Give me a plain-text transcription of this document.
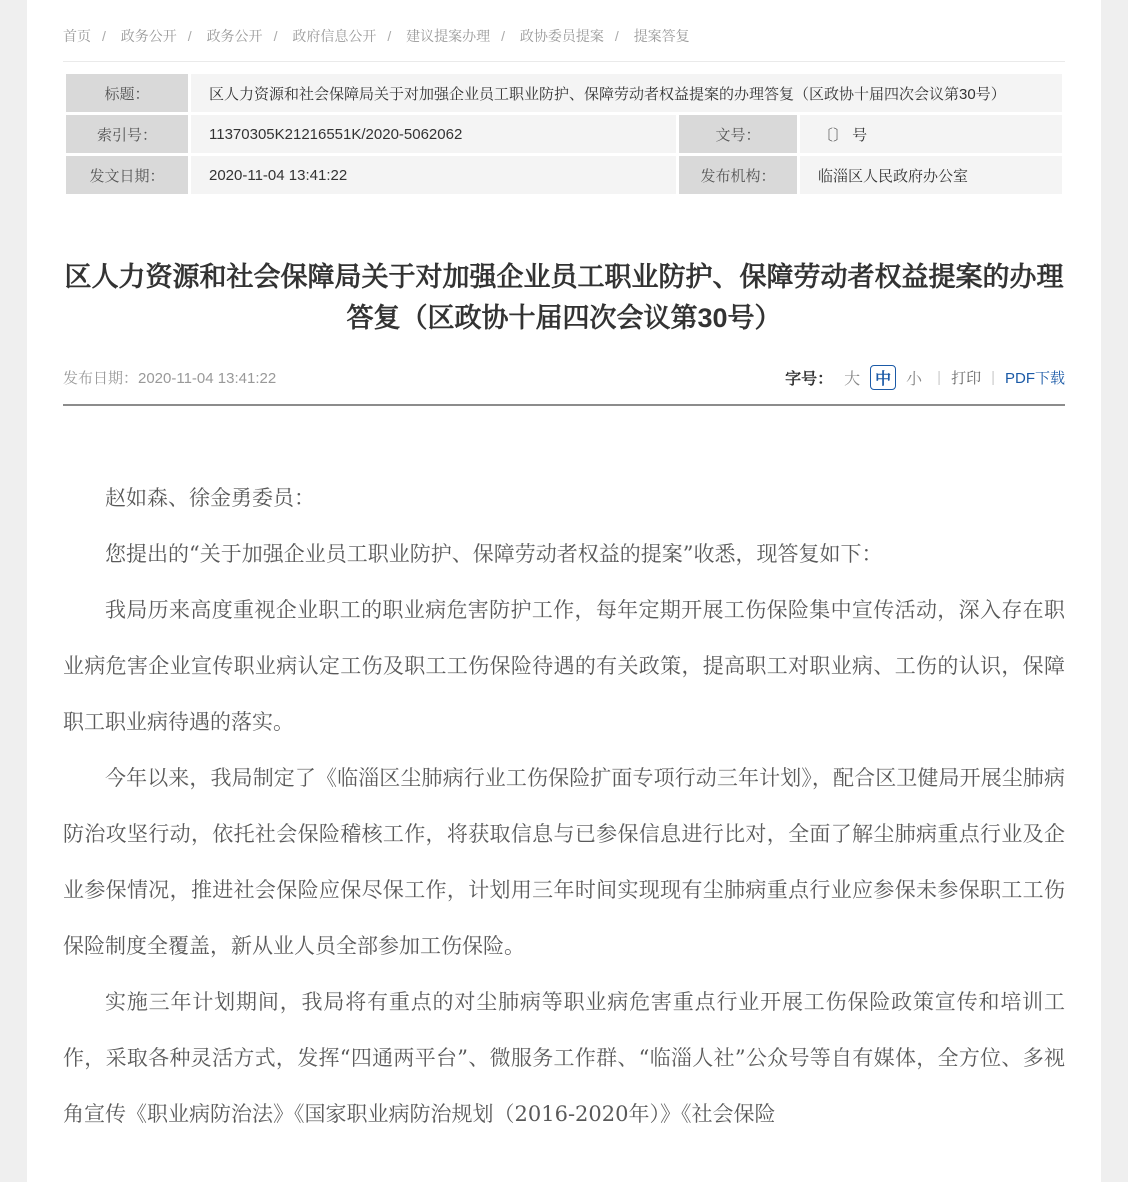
首页 / 政务公开 / 政务公开 / 政府信息公开 / 建议提案办理 / 政协委员提案 / 提案答复
标题：	区人力资源和社会保障局关于对加强企业员工职业防护、保障劳动者权益提案的办理答复（区政协十届四次会议第30号）		
索引号：	11370305K21216551K/2020-5062062	文号：	〔〕 号
发文日期：	2020-11-04 13:41:22	发布机构：	临淄区人民政府办公室
区人力资源和社会保障局关于对加强企业员工职业防护、保障劳动者权益提案的办理答复（区政协十届四次会议第30号）
发布日期：2020-11-04 13:41:22	字号： 大 中 小 | 打印 | PDF下载

赵如森、徐金勇委员：

您提出的“关于加强企业员工职业防护、保障劳动者权益的提案”收悉，现答复如下：

我局历来高度重视企业职工的职业病危害防护工作，每年定期开展工伤保险集中宣传活动，深入存在职业病危害企业宣传职业病认定工伤及职工工伤保险待遇的有关政策，提高职工对职业病、工伤的认识，保障职工职业病待遇的落实。

今年以来，我局制定了《临淄区尘肺病行业工伤保险扩面专项行动三年计划》，配合区卫健局开展尘肺病防治攻坚行动，依托社会保险稽核工作，将获取信息与已参保信息进行比对，全面了解尘肺病重点行业及企业参保情况，推进社会保险应保尽保工作，计划用三年时间实现现有尘肺病重点行业应参保未参保职工工伤保险制度全覆盖，新从业人员全部参加工伤保险。

实施三年计划期间，我局将有重点的对尘肺病等职业病危害重点行业开展工伤保险政策宣传和培训工作，采取各种灵活方式，发挥“四通两平台”、微服务工作群、“临淄人社”公众号等自有媒体，全方位、多视角宣传《职业病防治法》《国家职业病防治规划（2016-2020年）》《社会保险
